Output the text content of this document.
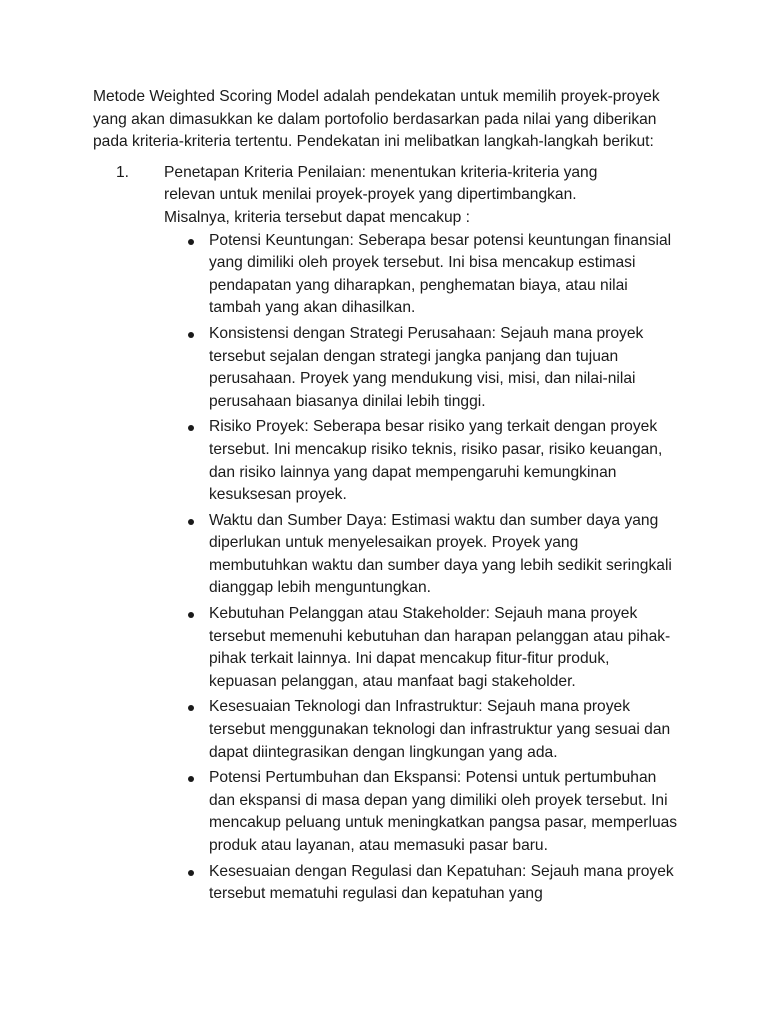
Metode Weighted Scoring Model adalah pendekatan untuk memilih proyek-proyek yang akan dimasukkan ke dalam portofolio berdasarkan pada nilai yang diberikan pada kriteria-kriteria tertentu. Pendekatan ini melibatkan langkah-langkah berikut:

1. Penetapan Kriteria Penilaian: menentukan kriteria-kriteria yang relevan untuk menilai proyek-proyek yang dipertimbangkan. Misalnya, kriteria tersebut dapat mencakup :

Potensi Keuntungan: Seberapa besar potensi keuntungan finansial yang dimiliki oleh proyek tersebut. Ini bisa mencakup estimasi pendapatan yang diharapkan, penghematan biaya, atau nilai tambah yang akan dihasilkan.
Konsistensi dengan Strategi Perusahaan: Sejauh mana proyek tersebut sejalan dengan strategi jangka panjang dan tujuan perusahaan. Proyek yang mendukung visi, misi, dan nilai-nilai perusahaan biasanya dinilai lebih tinggi.
Risiko Proyek: Seberapa besar risiko yang terkait dengan proyek tersebut. Ini mencakup risiko teknis, risiko pasar, risiko keuangan, dan risiko lainnya yang dapat mempengaruhi kemungkinan kesuksesan proyek.
Waktu dan Sumber Daya: Estimasi waktu dan sumber daya yang diperlukan untuk menyelesaikan proyek. Proyek yang membutuhkan waktu dan sumber daya yang lebih sedikit seringkali dianggap lebih menguntungkan.
Kebutuhan Pelanggan atau Stakeholder: Sejauh mana proyek tersebut memenuhi kebutuhan dan harapan pelanggan atau pihak-pihak terkait lainnya. Ini dapat mencakup fitur-fitur produk, kepuasan pelanggan, atau manfaat bagi stakeholder.
Kesesuaian Teknologi dan Infrastruktur: Sejauh mana proyek tersebut menggunakan teknologi dan infrastruktur yang sesuai dan dapat diintegrasikan dengan lingkungan yang ada.
Potensi Pertumbuhan dan Ekspansi: Potensi untuk pertumbuhan dan ekspansi di masa depan yang dimiliki oleh proyek tersebut. Ini mencakup peluang untuk meningkatkan pangsa pasar, memperluas produk atau layanan, atau memasuki pasar baru.
Kesesuaian dengan Regulasi dan Kepatuhan: Sejauh mana proyek tersebut mematuhi regulasi dan kepatuhan yang
